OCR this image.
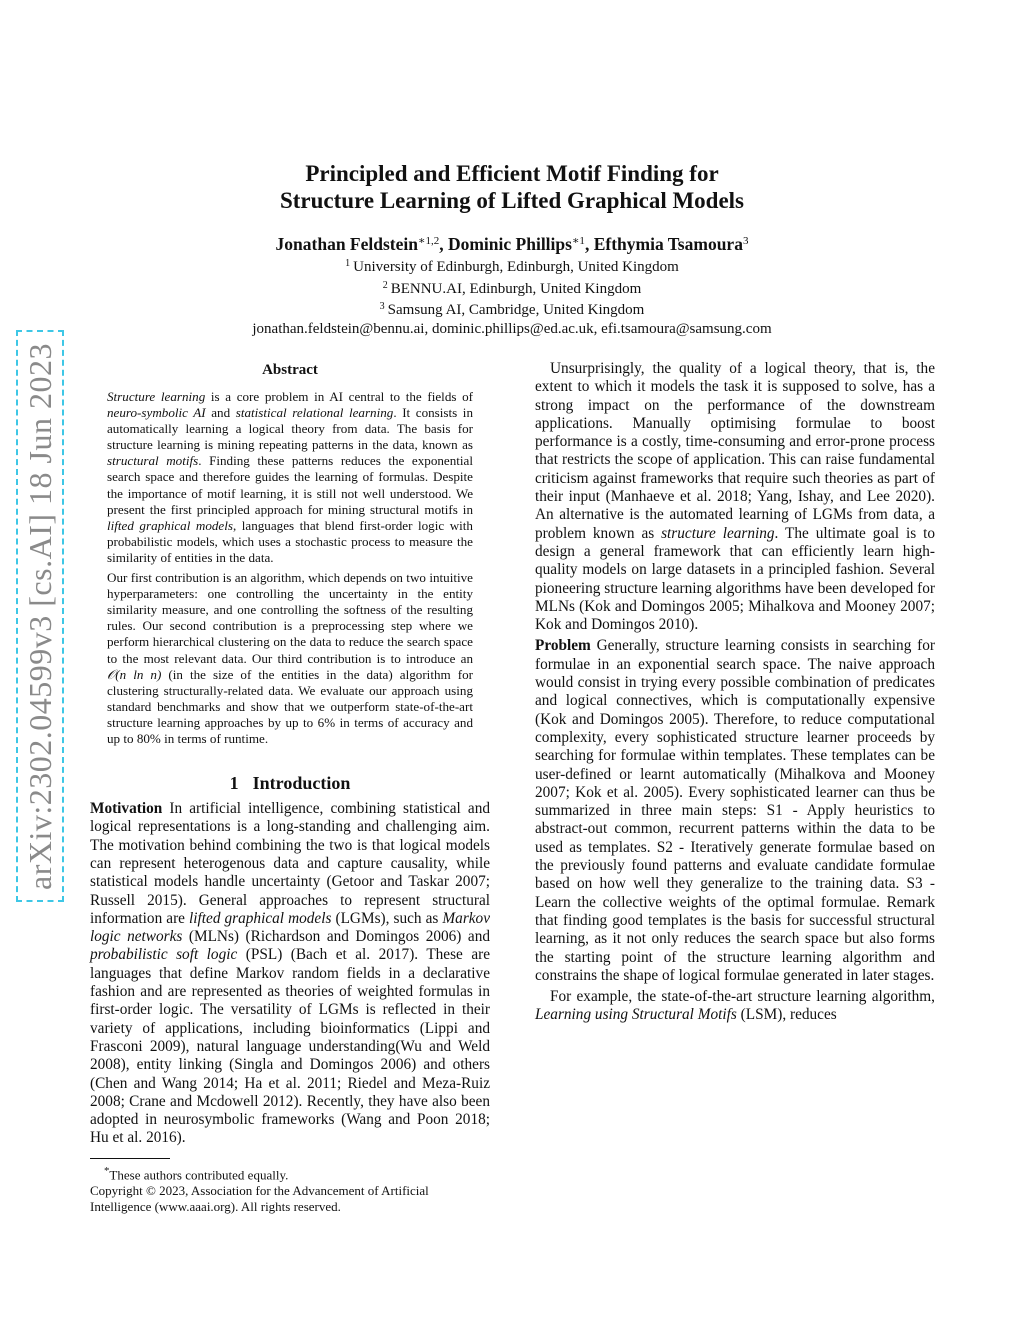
arXiv:2302.04599v3 [cs.AI] 18 Jun 2023
Principled and Efficient Motif Finding for
Structure Learning of Lifted Graphical Models
Jonathan Feldstein$^{∗1,2}$, Dominic Phillips$^{∗1}$, Efthymia Tsamoura$^3$
$^1$ University of Edinburgh, Edinburgh, United Kingdom
$^2$ BENNU.AI, Edinburgh, United Kingdom
$^3$ Samsung AI, Cambridge, United Kingdom
jonathan.feldstein@bennu.ai, dominic.phillips@ed.ac.uk, efi.tsamoura@samsung.com
Abstract

Structure learning is a core problem in AI central to the fields of neuro-symbolic AI and statistical relational learning. It consists in automatically learning a logical theory from data. The basis for structure learning is mining repeating patterns in the data, known as structural motifs. Finding these patterns reduces the exponential search space and therefore guides the learning of formulas. Despite the importance of motif learning, it is still not well understood. We present the first principled approach for mining structural motifs in lifted graphical models, languages that blend first-order logic with probabilistic models, which uses a stochastic process to measure the similarity of entities in the data.

Our first contribution is an algorithm, which depends on two intuitive hyperparameters: one controlling the uncertainty in the entity similarity measure, and one controlling the softness of the resulting rules. Our second contribution is a preprocessing step where we perform hierarchical clustering on the data to reduce the search space to the most relevant data. Our third contribution is to introduce an 𝒪(n ln n) (in the size of the entities in the data) algorithm for clustering structurally-related data. We evaluate our approach using standard benchmarks and show that we outperform state-of-the-art structure learning approaches by up to 6% in terms of accuracy and up to 80% in terms of runtime.

1 Introduction

Motivation In artificial intelligence, combining statistical and logical representations is a long-standing and challenging aim. The motivation behind combining the two is that logical models can represent heterogenous data and capture causality, while statistical models handle uncertainty (Getoor and Taskar 2007; Russell 2015). General approaches to represent structural information are lifted graphical models (LGMs), such as Markov logic networks (MLNs) (Richardson and Domingos 2006) and probabilistic soft logic (PSL) (Bach et al. 2017). These are languages that define Markov random fields in a declarative fashion and are represented as theories of weighted formulas in first-order logic. The versatility of LGMs is reflected in their variety of applications, including bioinformatics (Lippi and Frasconi 2009), natural language understanding(Wu and Weld 2008), entity linking (Singla and Domingos 2006) and others (Chen and Wang 2014; Ha et al. 2011; Riedel and Meza-Ruiz 2008; Crane and Mcdowell 2012). Recently, they have also been adopted in neurosymbolic frameworks (Wang and Poon 2018; Hu et al. 2016).

*These authors contributed equally.

Copyright © 2023, Association for the Advancement of Artificial Intelligence (www.aaai.org). All rights reserved.

Unsurprisingly, the quality of a logical theory, that is, the extent to which it models the task it is supposed to solve, has a strong impact on the performance of the downstream applications. Manually optimising formulae to boost performance is a costly, time-consuming and error-prone process that restricts the scope of application. This can raise fundamental criticism against frameworks that require such theories as part of their input (Manhaeve et al. 2018; Yang, Ishay, and Lee 2020). An alternative is the automated learning of LGMs from data, a problem known as structure learning. The ultimate goal is to design a general framework that can efficiently learn high-quality models on large datasets in a principled fashion. Several pioneering structure learning algorithms have been developed for MLNs (Kok and Domingos 2005; Mihalkova and Mooney 2007; Kok and Domingos 2010).

Problem Generally, structure learning consists in searching for formulae in an exponential search space. The naive approach would consist in trying every possible combination of predicates and logical connectives, which is computationally expensive (Kok and Domingos 2005). Therefore, to reduce computational complexity, every sophisticated structure learner proceeds by searching for formulae within templates. These templates can be user-defined or learnt automatically (Mihalkova and Mooney 2007; Kok et al. 2005). Every sophisticated learner can thus be summarized in three main steps: S1 - Apply heuristics to abstract-out common, recurrent patterns within the data to be used as templates. S2 - Iteratively generate formulae based on the previously found patterns and evaluate candidate formulae based on how well they generalize to the training data. S3 - Learn the collective weights of the optimal formulae. Remark that finding good templates is the basis for successful structural learning, as it not only reduces the search space but also forms the starting point of the structure learning algorithm and constrains the shape of logical formulae generated in later stages.

For example, the state-of-the-art structure learning algorithm, Learning using Structural Motifs (LSM), reduces
